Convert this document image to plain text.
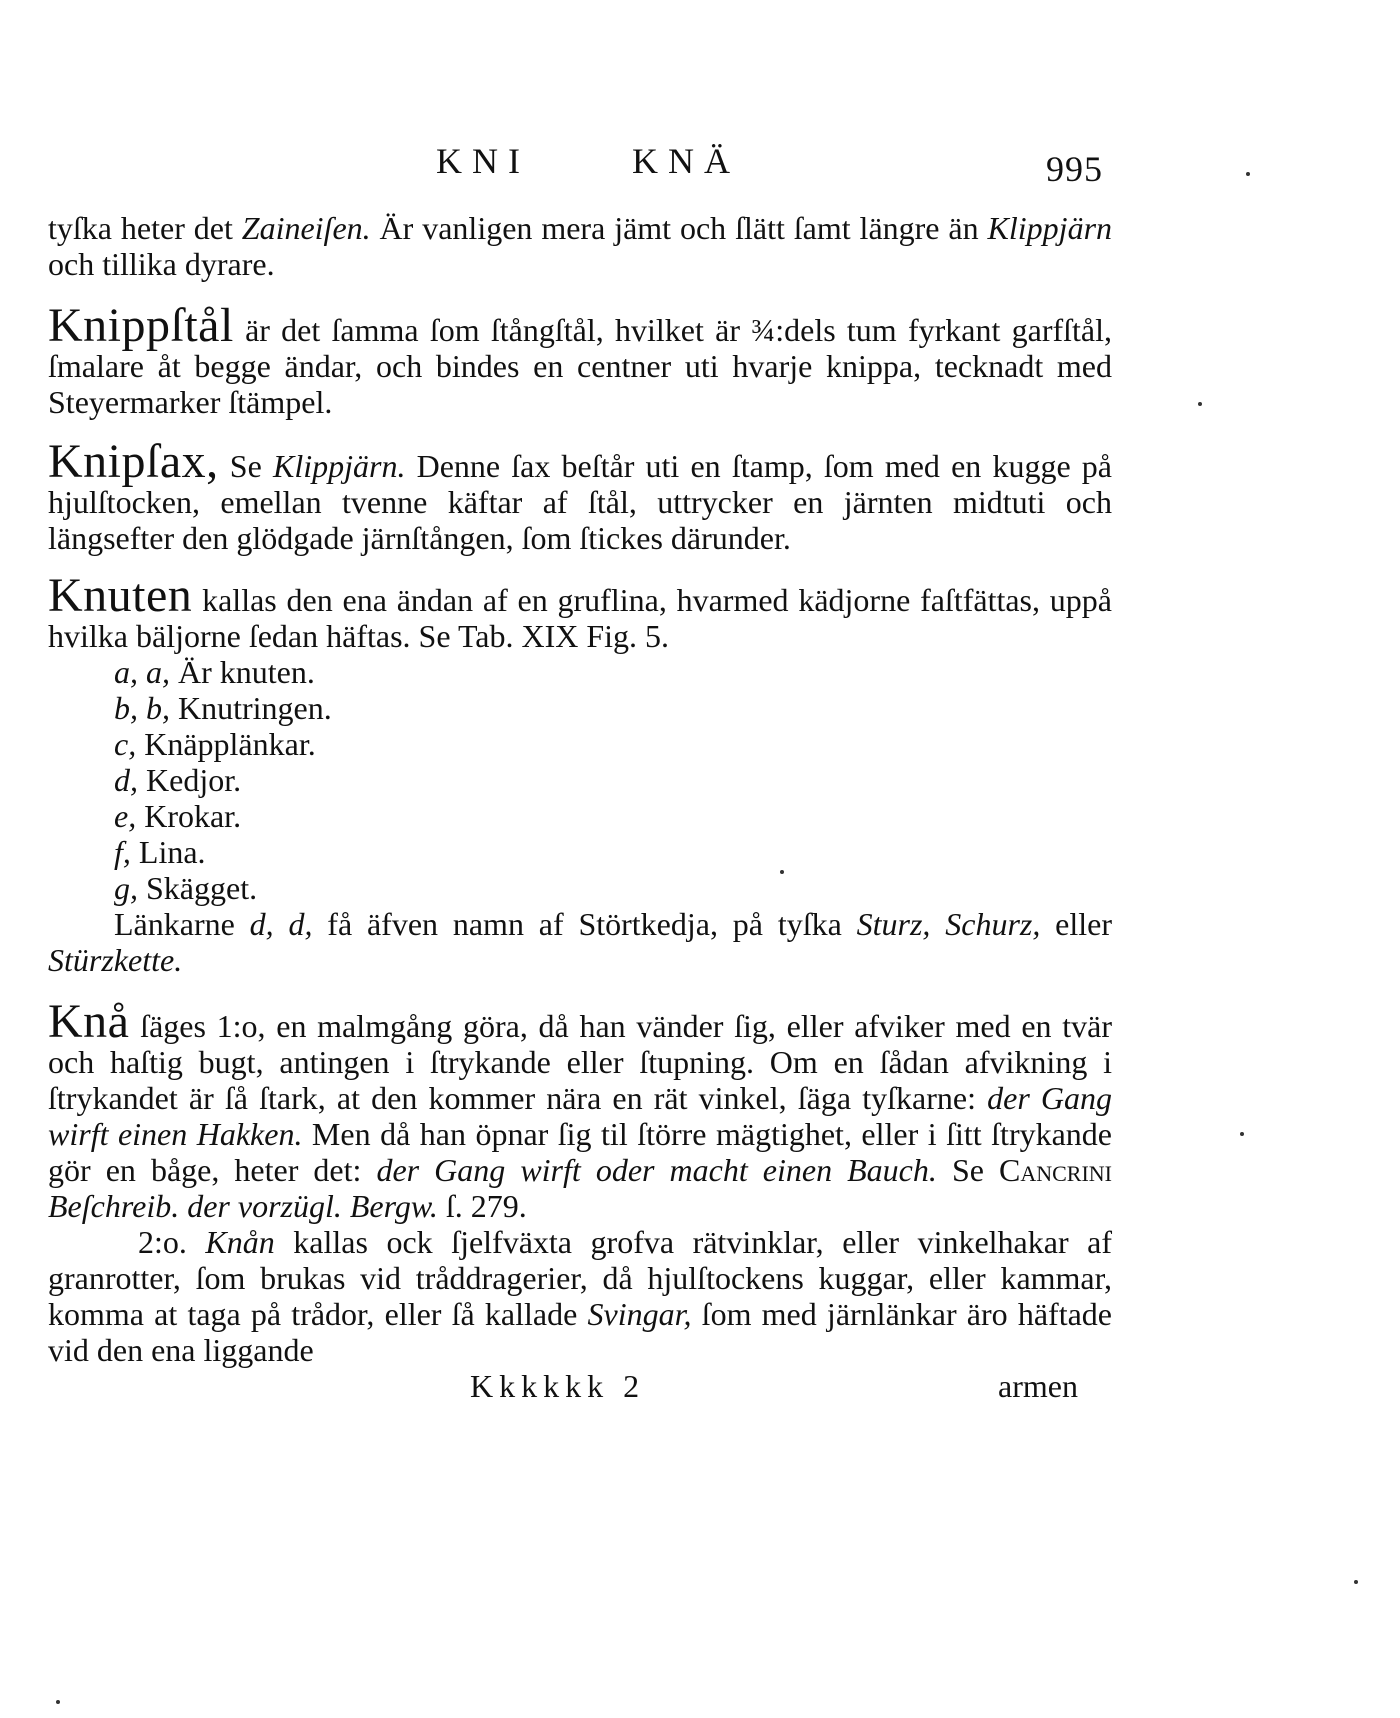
KNI	KNÄ	995

tyſka heter det Zaineiſen. Är vanligen mera jämt och ſlätt ſamt längre än Klippjärn och tillika dyrare.

Knippſtål är det ſamma ſom ſtångſtål, hvilket är ¾:dels tum fyrkant garfſtål, ſmalare åt begge ändar, och bindes en centner uti hvarje knippa, tecknadt med Steyermarker ſtämpel.

Knipſax, Se Klippjärn. Denne ſax beſtår uti en ſtamp, ſom med en kugge på hjulſtocken, emellan tvenne käftar af ſtål, uttrycker en järnten midtuti och längsefter den glödgade järnſtången, ſom ſtickes därunder.

Knuten kallas den ena ändan af en gruflina, hvarmed kädjorne faſtfättas, uppå hvilka bäljorne ſedan häftas. Se Tab. XIX Fig. 5.

a, a, Är knuten.
b, b, Knutringen.
c, Knäpplänkar.
d, Kedjor.
e, Krokar.
f, Lina.
g, Skägget.

Länkarne d, d, få äfven namn af Störtkedja, på tyſka Sturz, Schurz, eller Stürzkette.

Knå ſäges 1:o, en malmgång göra, då han vänder ſig, eller afviker med en tvär och haſtig bugt, antingen i ſtrykande eller ſtupning. Om en ſådan afvikning i ſtrykandet är ſå ſtark, at den kommer nära en rät vinkel, ſäga tyſkarne: der Gang wirft einen Hakken. Men då han öpnar ſig til ſtörre mägtighet, eller i ſitt ſtrykande gör en båge, heter det: der Gang wirft oder macht einen Bauch. Se Cancrini Beſchreib. der vorzügl. Bergw. ſ. 279.

2:o. Knån kallas ock ſjelfväxta grofva rätvinklar, eller vinkelhakar af granrotter, ſom brukas vid tråddragerier, då hjulſtockens kuggar, eller kammar, komma at taga på trådor, eller ſå kallade Svingar, ſom med järnlänkar äro häftade vid den ena liggande

Kkkkkk 2	armen
